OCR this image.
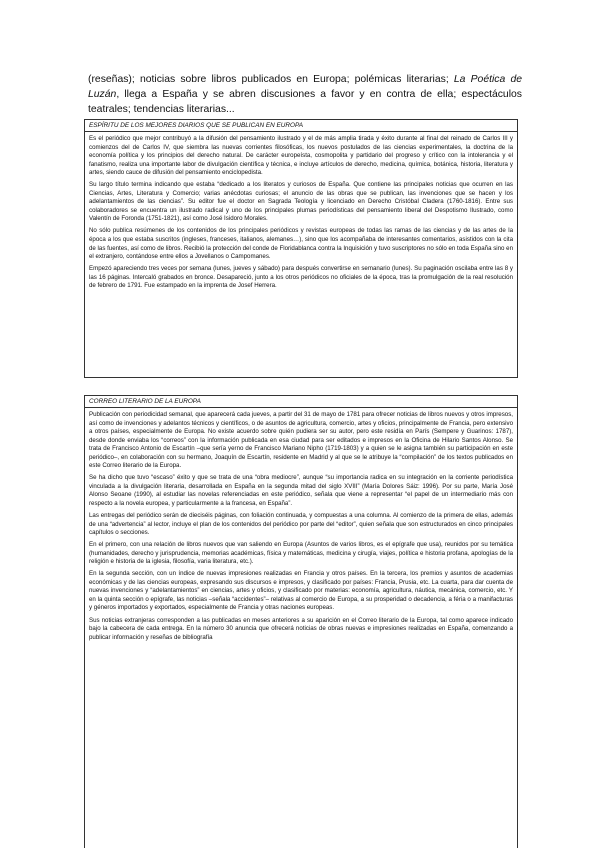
(reseñas); noticias sobre libros publicados en Europa; polémicas literarias; La Poética de Luzán, llega a España y se abren discusiones a favor y en contra de ella; espectáculos teatrales; tendencias literarias...

ESPÍRITU DE LOS MEJORES DIARIOS QUE SE PUBLICAN EN EUROPA

Es el periódico que mejor contribuyó a la difusión del pensamiento ilustrado y el de más amplia tirada y éxito durante al final del reinado de Carlos III y comienzos del de Carlos IV, que siembra las nuevas corrientes filosóficas, los nuevos postulados de las ciencias experimentales, la doctrina de la economía política y los principios del derecho natural. De carácter europeísta, cosmopolita y partidario del progreso y crítico con la intolerancia y el fanatismo, realiza una importante labor de divulgación científica y técnica, e incluye artículos de derecho, medicina, química, botánica, historia, literatura y artes, siendo cauce de difusión del pensamiento enciclopedista.

Su largo título termina indicando que estaba “dedicado a los literatos y curiosos de España. Que contiene las principales noticias que ocurren en las Ciencias, Artes, Literatura y Comercio; varias anécdotas curiosas; el anuncio de las obras que se publican, las invenciones que se hacen y los adelantamientos de las ciencias”. Su editor fue el doctor en Sagrada Teología y licenciado en Derecho Cristóbal Cladera (1760-1816). Entre sus colaboradores se encuentra un ilustrado radical y uno de los principales plumas periodísticas del pensamiento liberal del Despotismo Ilustrado, como Valentín de Foronda (1751-1821), así como José Isidoro Morales.

No sólo publica resúmenes de los contenidos de los principales periódicos y revistas europeas de todas las ramas de las ciencias y de las artes de la época a los que estaba suscritos (ingleses, franceses, italianos, alemanes…), sino que los acompañaba de interesantes comentarios, asistidos con la cita de las fuentes, así como de libros. Recibió la protección del conde de Floridablanca contra la Inquisición y tuvo suscriptores no sólo en toda España sino en el extranjero, contándose entre ellos a Jovellanos o Campomanes.

Empezó apareciendo tres veces por semana (lunes, jueves y sábado) para después convertirse en semanario (lunes). Su paginación oscilaba entre las 8 y las 16 páginas. Intercaló grabados en bronce. Desapareció, junto a los otros periódicos no oficiales de la época, tras la promulgación de la real resolución de febrero de 1791. Fue estampado en la imprenta de Josef Herrera.

CORREO LITERARIO DE LA EUROPA

Publicación con periodicidad semanal, que aparecerá cada jueves, a partir del 31 de mayo de 1781 para ofrecer noticias de libros nuevos y otros impresos, así como de invenciones y adelantos técnicos y científicos, o de asuntos de agricultura, comercio, artes y oficios, principalmente de Francia, pero extensivo a otros países, especialmente de Europa. No existe acuerdo sobre quién pudiera ser su autor, pero este residía en París (Sempere y Guarinos: 1787), desde donde enviaba los “correos” con la información publicada en esa ciudad para ser editados e impresos en la Oficina de Hilario Santos Alonso. Se trata de Francisco Antonio de Escartín –que sería yerno de Francisco Mariano Nipho (1719-1803) y a quien se le asigna también su participación en este periódico–, en colaboración con su hermano, Joaquín de Escartín, residente en Madrid y al que se le atribuye la “compilación” de los textos publicados en este Correo literario de la Europa.

Se ha dicho que tuvo “escaso” éxito y que se trata de una “obra mediocre”, aunque “su importancia radica en su integración en la corriente periodística vinculada a la divulgación literaria, desarrollada en España en la segunda mitad del siglo XVIII” (María Dolores Sáiz: 1996). Por su parte, María José Alonso Seoane (1990), al estudiar las novelas referenciadas en este periódico, señala que viene a representar “el papel de un intermediario más con respecto a la novela europea, y particularmente a la francesa, en España”.

Las entregas del periódico serán de dieciséis páginas, con foliación continuada, y compuestas a una columna. Al comienzo de la primera de ellas, además de una “advertencia” al lector, incluye el plan de los contenidos del periódico por parte del “editor”, quien señala que son estructurados en cinco principales capítulos o secciones.

En el primero, con una relación de libros nuevos que van saliendo en Europa (Asuntos de varios libros, es el epígrafe que usa), reunidos por su temática (humanidades, derecho y jurisprudencia, memorias académicas, física y matemáticas, medicina y cirugía, viajes, política e historia profana, apologías de la religión e historia de la iglesia, filosofía, varia literatura, etc.).

En la segunda sección, con un índice de nuevas impresiones realizadas en Francia y otros países. En la tercera, los premios y asuntos de academias económicas y de las ciencias europeas, expresando sus discursos e impresos, y clasificado por países: Francia, Prusia, etc. La cuarta, para dar cuenta de nuevas invenciones y “adelantamientos” en ciencias, artes y oficios, y clasificado por materias: economía, agricultura, náutica, mecánica, comercio, etc. Y en la quinta sección o epígrafe, las noticias –señala “accidentes”– relativas al comercio de Europa, a su prosperidad o decadencia, a féria o a manifacturas y géneros importados y exportados, especialmente de Francia y otras naciones europeas.

Sus noticias extranjeras corresponden a las publicadas en meses anteriores a su aparición en el Correo literario de la Europa, tal como aparece indicado bajo la cabecera de cada entrega. En la número 30 anuncia que ofrecerá noticias de obras nuevas e impresiones realizadas en España, comenzando a publicar información y reseñas de bibliografía
